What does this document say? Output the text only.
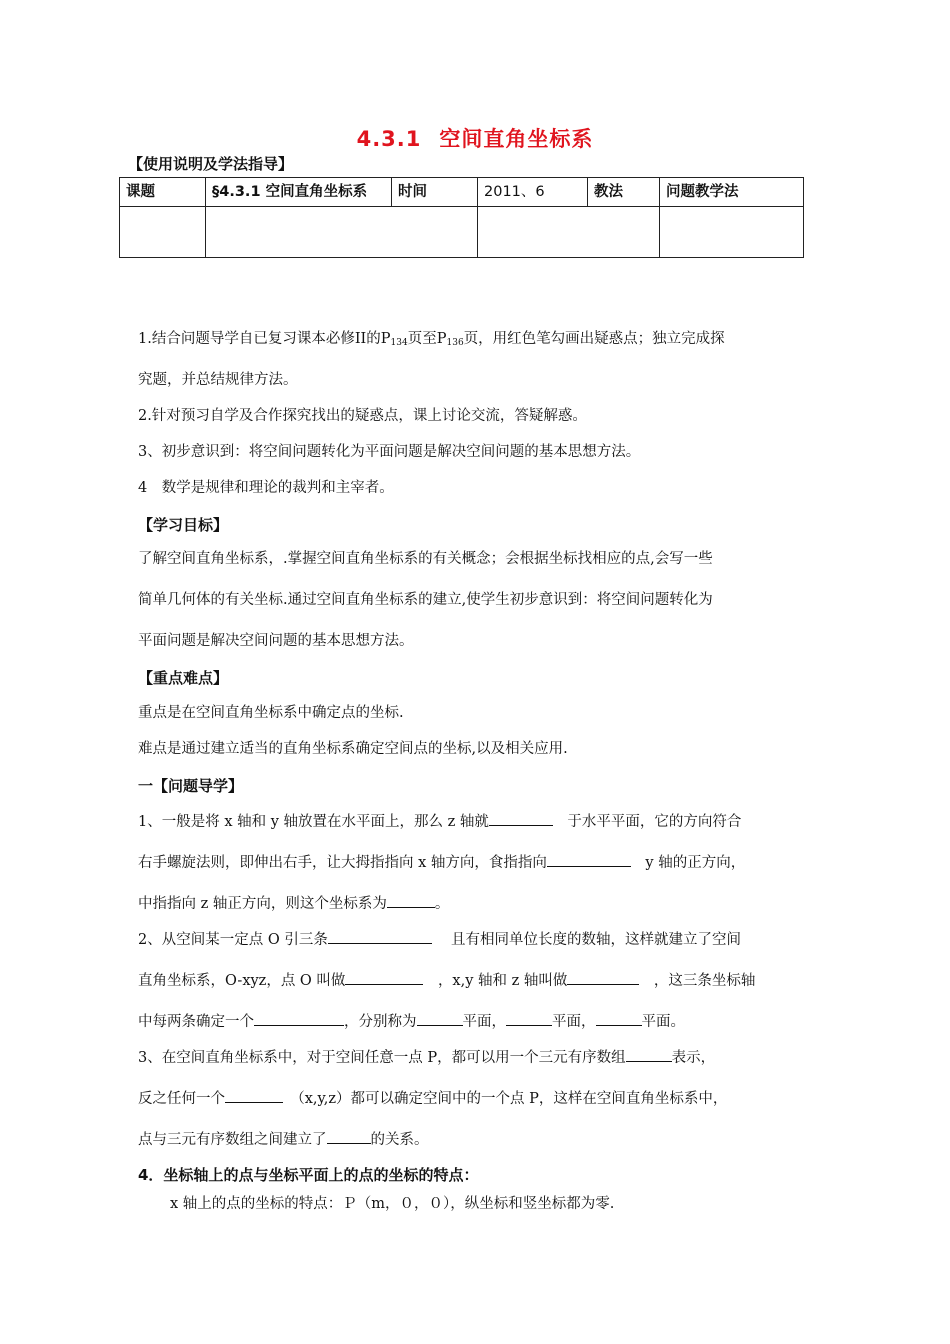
4.3.1 空间直角坐标系
【使用说明及学法指导】
课题	§4.3.1 空间直角坐标系	时间	2011、6	教法	问题教学法

1.结合问题导学自已复习课本必修II的$P_{134}$页至$P_{136}$页，用红色笔勾画出疑惑点；独立完成探
究题，并总结规律方法。
2.针对预习自学及合作探究找出的疑惑点，课上讨论交流，答疑解惑。
3、初步意识到：将空间问题转化为平面问题是解决空间问题的基本思想方法。
4　数学是规律和理论的裁判和主宰者。
【学习目标】
了解空间直角坐标系，.掌握空间直角坐标系的有关概念；会根据坐标找相应的点,会写一些
简单几何体的有关坐标.通过空间直角坐标系的建立,使学生初步意识到：将空间问题转化为
平面问题是解决空间问题的基本思想方法。
【重点难点】
重点是在空间直角坐标系中确定点的坐标.
难点是通过建立适当的直角坐标系确定空间点的坐标,以及相关应用.
一【问题导学】
1、一般是将 x 轴和 y 轴放置在水平面上，那么 z 轴就　	于水平平面，它的方向符合
右手螺旋法则，即伸出右手，让大拇指指向 x 轴方向，食指指向　	y 轴的正方向，
中指指向 z 轴正方向，则这个坐标系为	。
2、从空间某一定点 O 引三条　	且有相同单位长度的数轴，这样就建立了空间
直角坐标系，O-xyz，点 O 叫做　	，x,y 轴和 z 轴叫做　	，这三条坐标轴
中每两条确定一个	，分别称为	平面，	平面，	平面。
3、在空间直角坐标系中，对于空间任意一点 P，都可以用一个三元有序数组	表示，
反之任何一个　	（x,y,z）都可以确定空间中的一个点 P，这样在空间直角坐标系中，
点与三元有序数组之间建立了	的关系。
4．坐标轴上的点与坐标平面上的点的坐标的特点：
x 轴上的点的坐标的特点：Ｐ（m，０，０），纵坐标和竖坐标都为零.
